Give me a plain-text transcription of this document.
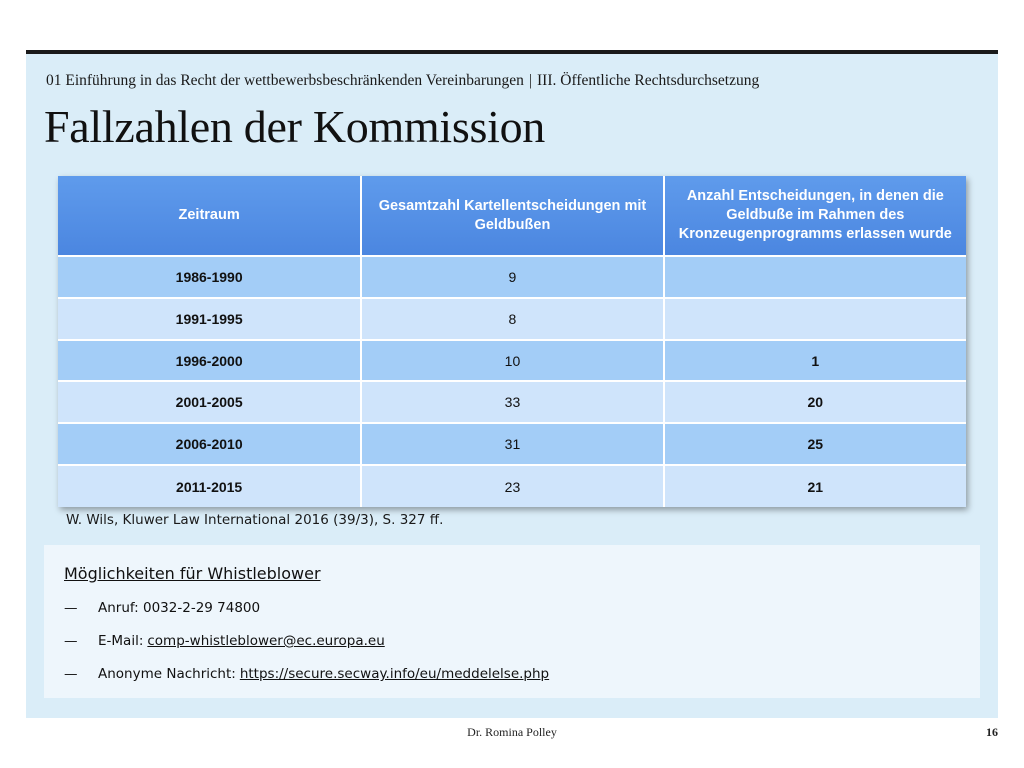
01 Einführung in das Recht der wettbewerbsbeschränkenden Vereinbarungen | III. Öffentliche Rechtsdurchsetzung
Fallzahlen der Kommission
Zeitraum	Gesamtzahl Kartellentscheidungen mit Geldbußen	Anzahl Entscheidungen, in denen die Geldbuße im Rahmen des Kronzeugenprogramms erlassen wurde
1986-1990	9	
1991-1995	8	
1996-2000	10	1
2001-2005	33	20
2006-2010	31	25
2011-2015	23	21
W. Wils, Kluwer Law International 2016 (39/3), S. 327 ff.
Möglichkeiten für Whistleblower
—	Anruf: 0032-2-29 74800
—	E-Mail: comp-whistleblower@ec.europa.eu
—	Anonyme Nachricht: https://secure.secway.info/eu/meddelelse.php
Dr. Romina Polley	16
